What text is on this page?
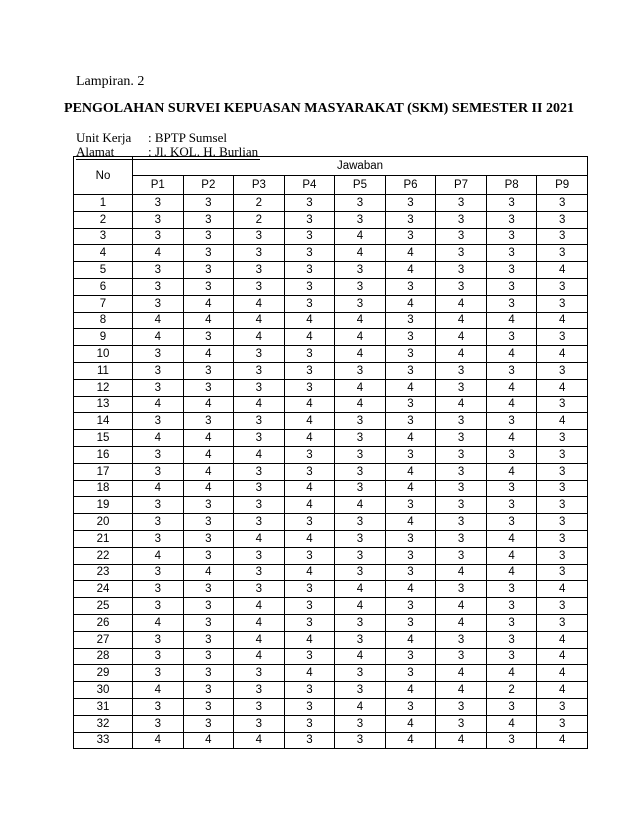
Lampiran. 2
PENGOLAHAN SURVEI KEPUASAN MASYARAKAT (SKM) SEMESTER II 2021
Unit Kerja : BPTP Sumsel
Alamat	: Jl. KOL. H. Burlian
No	Jawaban								
	P1	P2	P3	P4	P5	P6	P7	P8	P9
1	3	3	2	3	3	3	3	3	3
2	3	3	2	3	3	3	3	3	3
3	3	3	3	3	4	3	3	3	3
4	4	3	3	3	4	4	3	3	3
5	3	3	3	3	3	4	3	3	4
6	3	3	3	3	3	3	3	3	3
7	3	4	4	3	3	4	4	3	3
8	4	4	4	4	4	3	4	4	4
9	4	3	4	4	4	3	4	3	3
10	3	4	3	3	4	3	4	4	4
11	3	3	3	3	3	3	3	3	3
12	3	3	3	3	4	4	3	4	4
13	4	4	4	4	4	3	4	4	3
14	3	3	3	4	3	3	3	3	4
15	4	4	3	4	3	4	3	4	3
16	3	4	4	3	3	3	3	3	3
17	3	4	3	3	3	4	3	4	3
18	4	4	3	4	3	4	3	3	3
19	3	3	3	4	4	3	3	3	3
20	3	3	3	3	3	4	3	3	3
21	3	3	4	4	3	3	3	4	3
22	4	3	3	3	3	3	3	4	3
23	3	4	3	4	3	3	4	4	3
24	3	3	3	3	4	4	3	3	4
25	3	3	4	3	4	3	4	3	3
26	4	3	4	3	3	3	4	3	3
27	3	3	4	4	3	4	3	3	4
28	3	3	4	3	4	3	3	3	4
29	3	3	3	4	3	3	4	4	4
30	4	3	3	3	3	4	4	2	4
31	3	3	3	3	4	3	3	3	3
32	3	3	3	3	3	4	3	4	3
33	4	4	4	3	3	4	4	3	4
